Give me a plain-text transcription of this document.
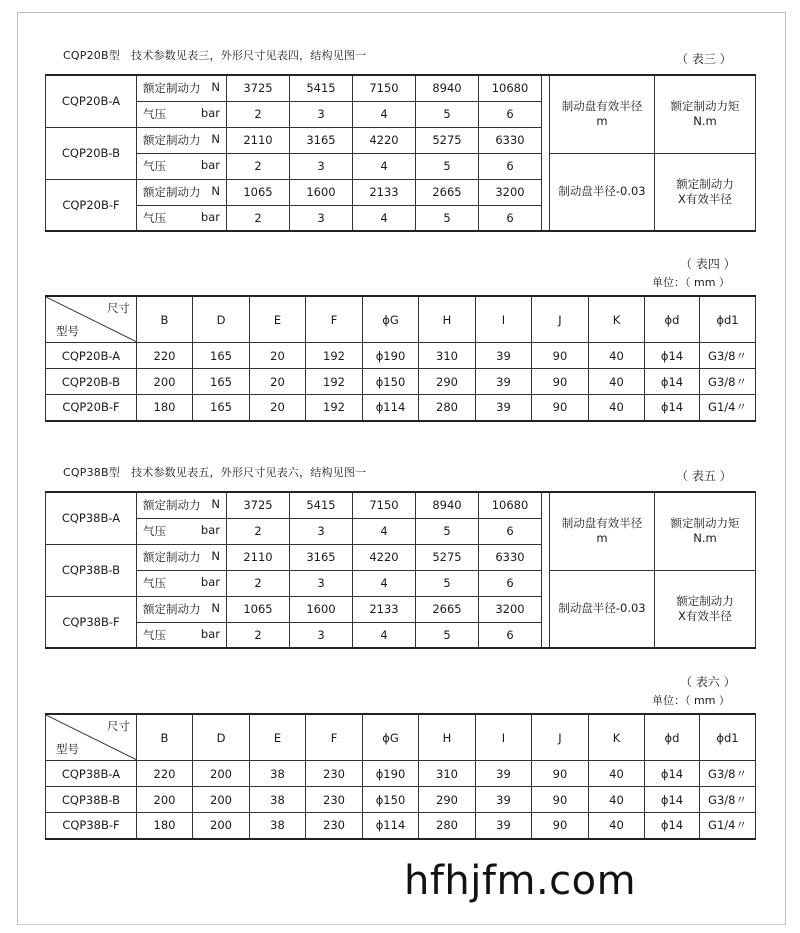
CQP20B型　技术参数见表三，外形尺寸见表四，结构见图一	（ 表三 ）
CQP20B-A	额定制动力 N	3725	5415	7150	8940	10680		制动盘有效半径
m	额定制动力矩
N.m
	气压 bar	2	3	4	5	6			
CQP20B-B	额定制动力 N	2110	3165	4220	5275	6330			
	气压 bar	2	3	4	5	6		制动盘半径-0.03	额定制动力
X有效半径
CQP20B-F	额定制动力 N	1065	1600	2133	2665	3200			
	气压 bar	2	3	4	5	6			
（ 表四 ）
单位：（ mm ）
尺寸
型号	B	D	E	F	ϕG	H	I	J	K	ϕd	ϕd1
CQP20B-A	220	165	20	192	ϕ190	310	39	90	40	ϕ14	G3/8〃
CQP20B-B	200	165	20	192	ϕ150	290	39	90	40	ϕ14	G3/8〃
CQP20B-F	180	165	20	192	ϕ114	280	39	90	40	ϕ14	G1/4〃
CQP38B型　技术参数见表五，外形尺寸见表六，结构见图一	（ 表五 ）
CQP38B-A	额定制动力 N	3725	5415	7150	8940	10680		制动盘有效半径
m	额定制动力矩
N.m
	气压 bar	2	3	4	5	6			
CQP38B-B	额定制动力 N	2110	3165	4220	5275	6330			
	气压 bar	2	3	4	5	6		制动盘半径-0.03	额定制动力
X有效半径
CQP38B-F	额定制动力 N	1065	1600	2133	2665	3200			
	气压 bar	2	3	4	5	6			
（ 表六 ）
单位：（ mm ）
尺寸
型号	B	D	E	F	ϕG	H	I	J	K	ϕd	ϕd1
CQP38B-A	220	200	38	230	ϕ190	310	39	90	40	ϕ14	G3/8〃
CQP38B-B	200	200	38	230	ϕ150	290	39	90	40	ϕ14	G3/8〃
CQP38B-F	180	200	38	230	ϕ114	280	39	90	40	ϕ14	G1/4〃
hfhjfm.com
